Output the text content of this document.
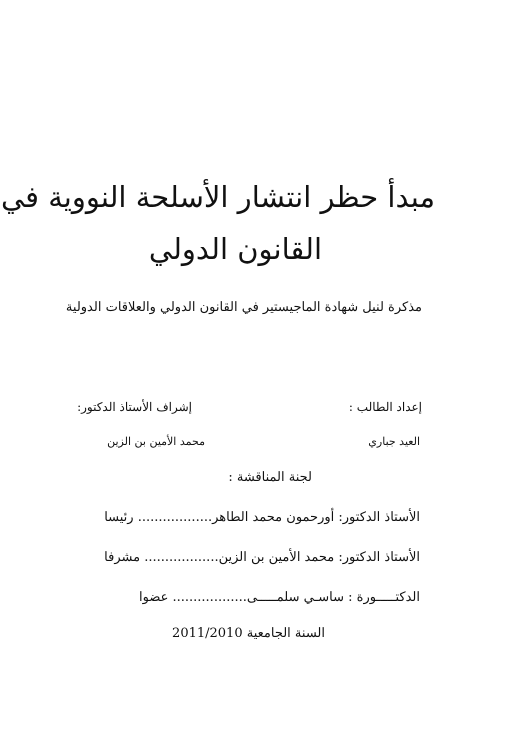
مبدأ حظر انتشار الأسلحة النووية في
القانون الدولي
مذكرة لنيل شهادة الماجيستير في القانون الدولي والعلاقات الدولية
إعداد الطالب :
إشراف الأستاذ الدكتور:
العيد جباري
محمد الأمين بن الزين
لجنة المناقشة :
الأستاذ الدكتور: أورحمون محمد الطاهر.................. رئيسا
الأستاذ الدكتور: محمد الأمين بن الزين.................. مشرفا
الدكتـــــورة : ساسـي سلمـــــى.................. عضوا
السنة الجامعية 2011/2010
